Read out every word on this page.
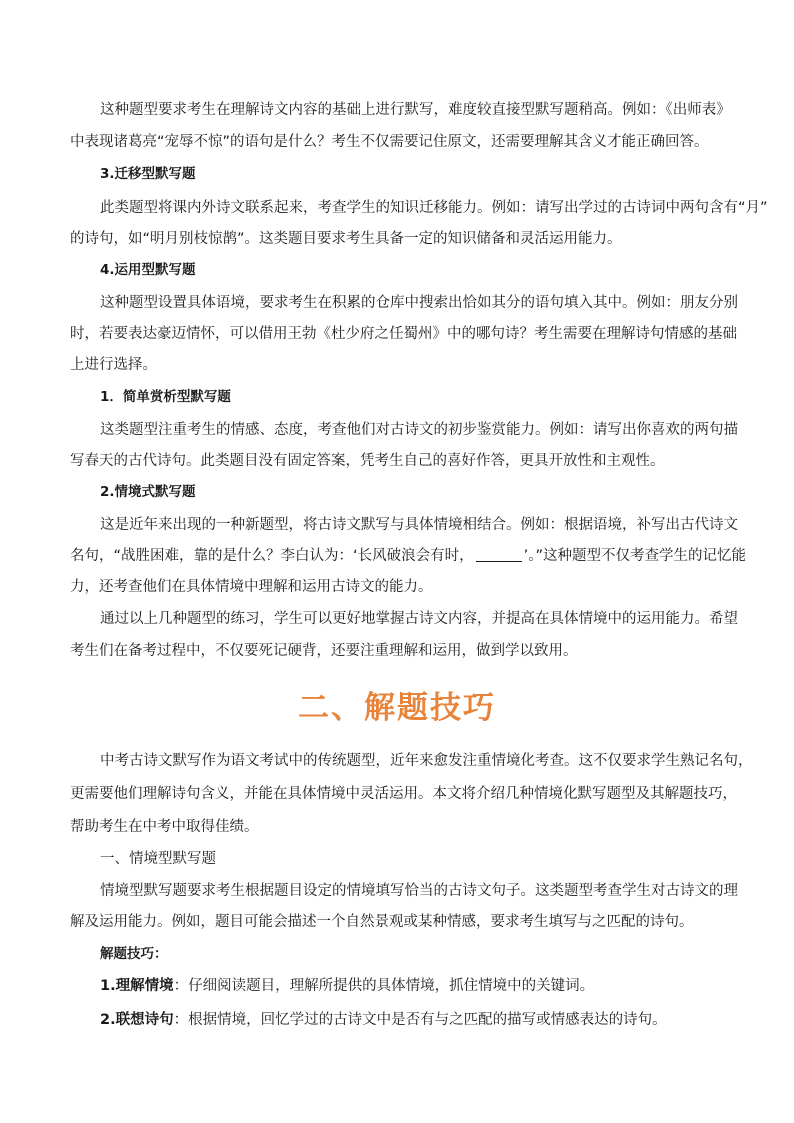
这种题型要求考生在理解诗文内容的基础上进行默写，难度较直接型默写题稍高。例如：《出师表》
中表现诸葛亮“宠辱不惊”的语句是什么？考生不仅需要记住原文，还需要理解其含义才能正确回答。
3.迁移型默写题
此类题型将课内外诗文联系起来，考查学生的知识迁移能力。例如：请写出学过的古诗词中两句含有“月”
的诗句，如“明月别枝惊鹊”。这类题目要求考生具备一定的知识储备和灵活运用能力。
4.运用型默写题
这种题型设置具体语境，要求考生在积累的仓库中搜索出恰如其分的语句填入其中。例如：朋友分别
时，若要表达豪迈情怀，可以借用王勃《杜少府之任蜀州》中的哪句诗？考生需要在理解诗句情感的基础
上进行选择。
1．简单赏析型默写题
这类题型注重考生的情感、态度，考查他们对古诗文的初步鉴赏能力。例如：请写出你喜欢的两句描
写春天的古代诗句。此类题目没有固定答案，凭考生自己的喜好作答，更具开放性和主观性。
2.情境式默写题
这是近年来出现的一种新题型，将古诗文默写与具体情境相结合。例如：根据语境，补写出古代诗文
名句，“战胜困难，靠的是什么？李白认为：‘长风破浪会有时，	’。”这种题型不仅考查学生的记忆能
力，还考查他们在具体情境中理解和运用古诗文的能力。
通过以上几种题型的练习，学生可以更好地掌握古诗文内容，并提高在具体情境中的运用能力。希望
考生们在备考过程中，不仅要死记硬背，还要注重理解和运用，做到学以致用。
二、解题技巧
中考古诗文默写作为语文考试中的传统题型，近年来愈发注重情境化考查。这不仅要求学生熟记名句，
更需要他们理解诗句含义，并能在具体情境中灵活运用。本文将介绍几种情境化默写题型及其解题技巧，
帮助考生在中考中取得佳绩。
一、情境型默写题
情境型默写题要求考生根据题目设定的情境填写恰当的古诗文句子。这类题型考查学生对古诗文的理
解及运用能力。例如，题目可能会描述一个自然景观或某种情感，要求考生填写与之匹配的诗句。
解题技巧：
1.理解情境：仔细阅读题目，理解所提供的具体情境，抓住情境中的关键词。
2.联想诗句：根据情境，回忆学过的古诗文中是否有与之匹配的描写或情感表达的诗句。
